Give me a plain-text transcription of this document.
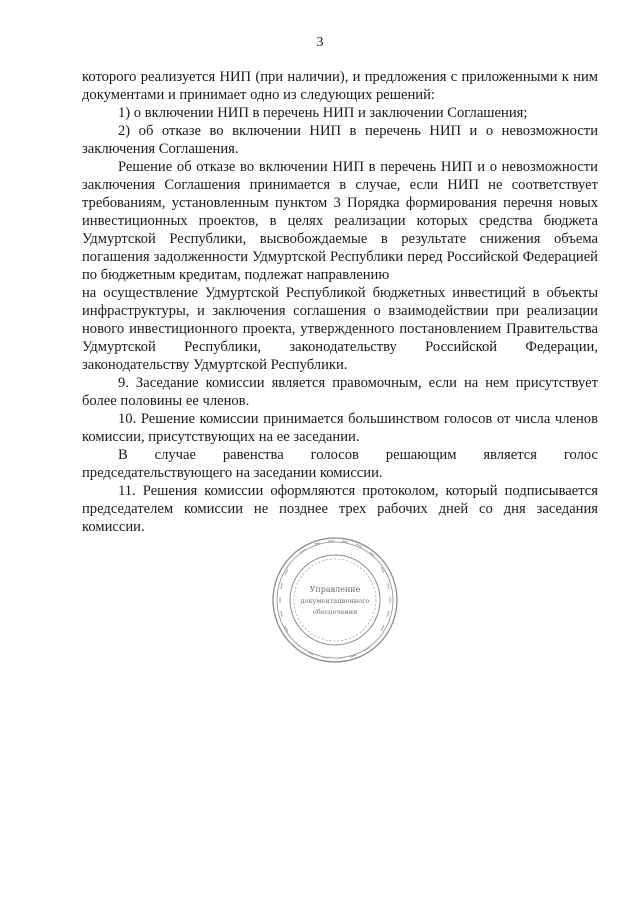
3

которого реализуется НИП (при наличии), и предложения с приложенными к ним документами и принимает одно из следующих решений:

1) о включении НИП в перечень НИП и заключении Соглашения;

2) об отказе во включении НИП в перечень НИП и о невозможности заключения Соглашения.

Решение об отказе во включении НИП в перечень НИП и о невозможности заключения Соглашения принимается в случае, если НИП не соответствует требованиям, установленным пунктом 3 Порядка формирования перечня новых инвестиционных проектов, в целях реализации которых средства бюджета Удмуртской Республики, высвобождаемые в результате снижения объема погашения задолженности Удмуртской Республики перед Российской Федерацией по бюджетным кредитам, подлежат направлению

на осуществление Удмуртской Республикой бюджетных инвестиций в объекты инфраструктуры, и заключения соглашения о взаимодействии при реализации нового инвестиционного проекта, утвержденного постановлением Правительства Удмуртской Республики, законодательству Российской Федерации, законодательству Удмуртской Республики.

9. Заседание комиссии является правомочным, если на нем присутствует более половины ее членов.

10. Решение комиссии принимается большинством голосов от числа членов комиссии, присутствующих на ее заседании.

В случае равенства голосов решающим является голос председательствующего на заседании комиссии.

11. Решения комиссии оформляются протоколом, который подписывается председателем комиссии не позднее трех рабочих дней со дня заседания комиссии.

Управление
документационного
обеспечения
